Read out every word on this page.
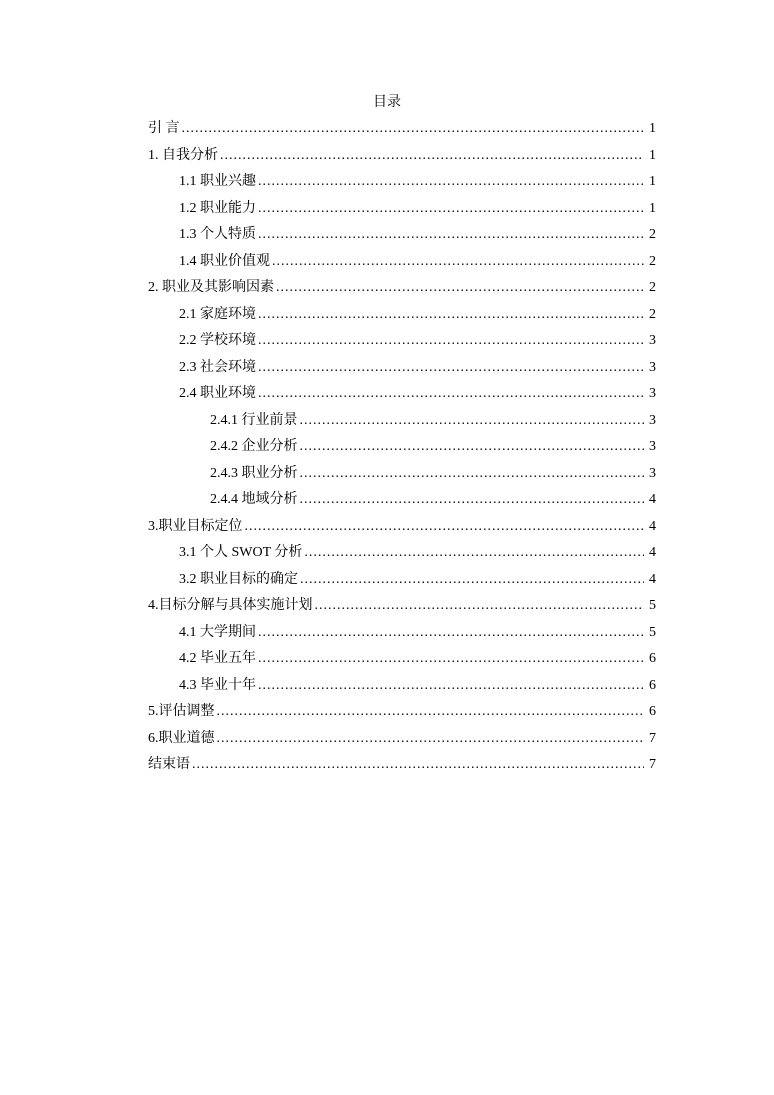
目录
引 言 .....	1
1. 自我分析 .....	1
1.1 职业兴趣 .....	1
1.2 职业能力 .....	1
1.3 个人特质 .....	2
1.4 职业价值观 .....	2
2. 职业及其影响因素 .....	2
2.1 家庭环境 .....	2
2.2 学校环境 .....	3
2.3 社会环境 .....	3
2.4 职业环境 .....	3
2.4.1 行业前景 .....	3
2.4.2 企业分析 .....	3
2.4.3 职业分析 .....	3
2.4.4 地域分析 .....	4
3.职业目标定位 .....	4
3.1 个人 SWOT 分析 .....	4
3.2 职业目标的确定 .....	4
4.目标分解与具体实施计划 .....	5
4.1 大学期间 .....	5
4.2 毕业五年 .....	6
4.3 毕业十年 .....	6
5.评估调整 .....	6
6.职业道德 .....	7
结束语 .....	7
